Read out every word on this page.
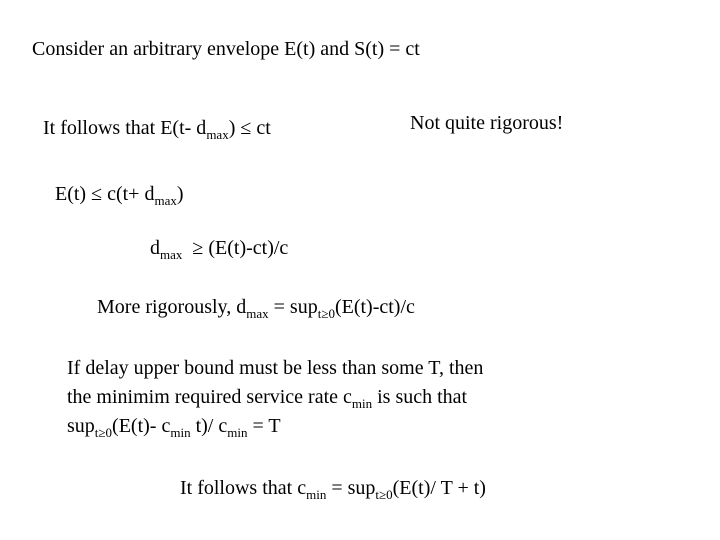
Consider an arbitrary envelope E(t) and S(t) = ct
It follows that E(t- $d_{max}$) ≤ ct	Not quite rigorous!
$E(t) \le c(t+ d_{max})$
$d_{max} \ge (E(t)-ct)/c$
More rigorously, $d_{max} = sup_{t\ge 0}(E(t)-ct)/c$
If delay upper bound must be less than some T, then
the minimim required service rate $c_{min}$ is such that
sup$_{t\ge 0}$(E(t)- $c_{min}$ t)/ $c_{min} = T$
It follows that $c_{min} = sup_{t\ge 0}(E(t)/$ T + t)
